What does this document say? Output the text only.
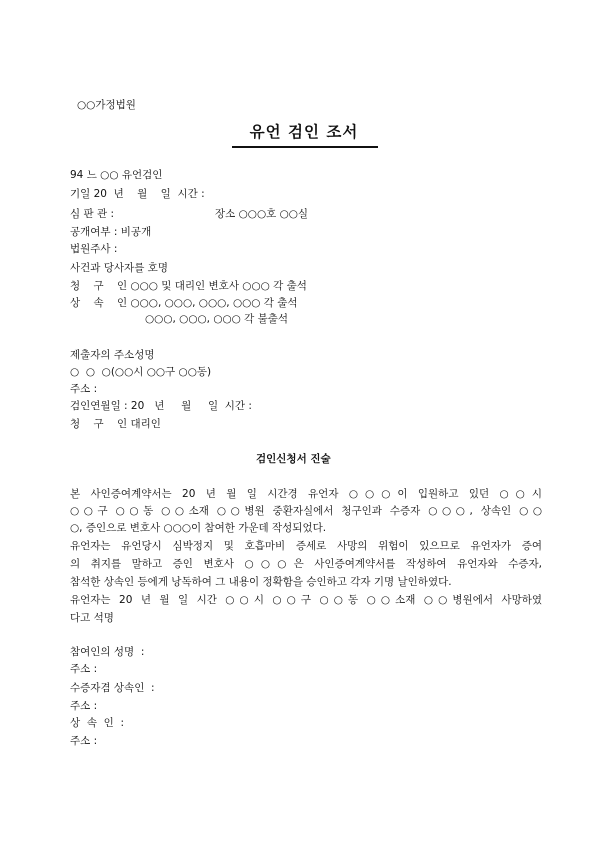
○○가정법원
유언 검인 조서
94 느 ○○ 유언검인
기일 20  년    월    일  시간 :
심 판 관 :	장소 ○○○호 ○○실
공개여부 : 비공개
법원주사 :
사건과 당사자를 호명
청    구    인 ○○○ 및 대리인 변호사 ○○○ 각 출석
상    속    인 ○○○, ○○○, ○○○, ○○○ 각 출석
○○○, ○○○, ○○○ 각 불출석
제출자의 주소성명
○  ○  ○(○○시 ○○구 ○○동)
주소 :
검인연월일 : 20   년     월     일  시간 :
청    구    인 대리인
검인신청서 진술
본 사인증여계약서는 20 년 월 일 시간경 유언자 ○○○이 입원하고 있던 ○○시
○○구 ○○동 ○○소재 ○○병원 중환자실에서 청구인과 수증자 ○○○, 상속인 ○○
○, 증인으로 변호사 ○○○이 참여한 가운데 작성되었다.
유언자는 유언당시 심박정지 및 호흡마비 증세로 사망의 위험이 있으므로 유언자가 증여
의 취지를 말하고 증인 변호사 ○○○은 사인증여계약서를 작성하여 유언자와 수증자,
참석한 상속인 등에게 낭독하여 그 내용이 정확함을 승인하고 각자 기명 날인하였다.
유언자는 20 년 월 일 시간 ○○시 ○○구 ○○동 ○○소재 ○○병원에서 사망하였
다고 석명
참여인의 성명  :
주소 :
수증자겸 상속인  :
주소 :
상  속  인  :
주소 :
